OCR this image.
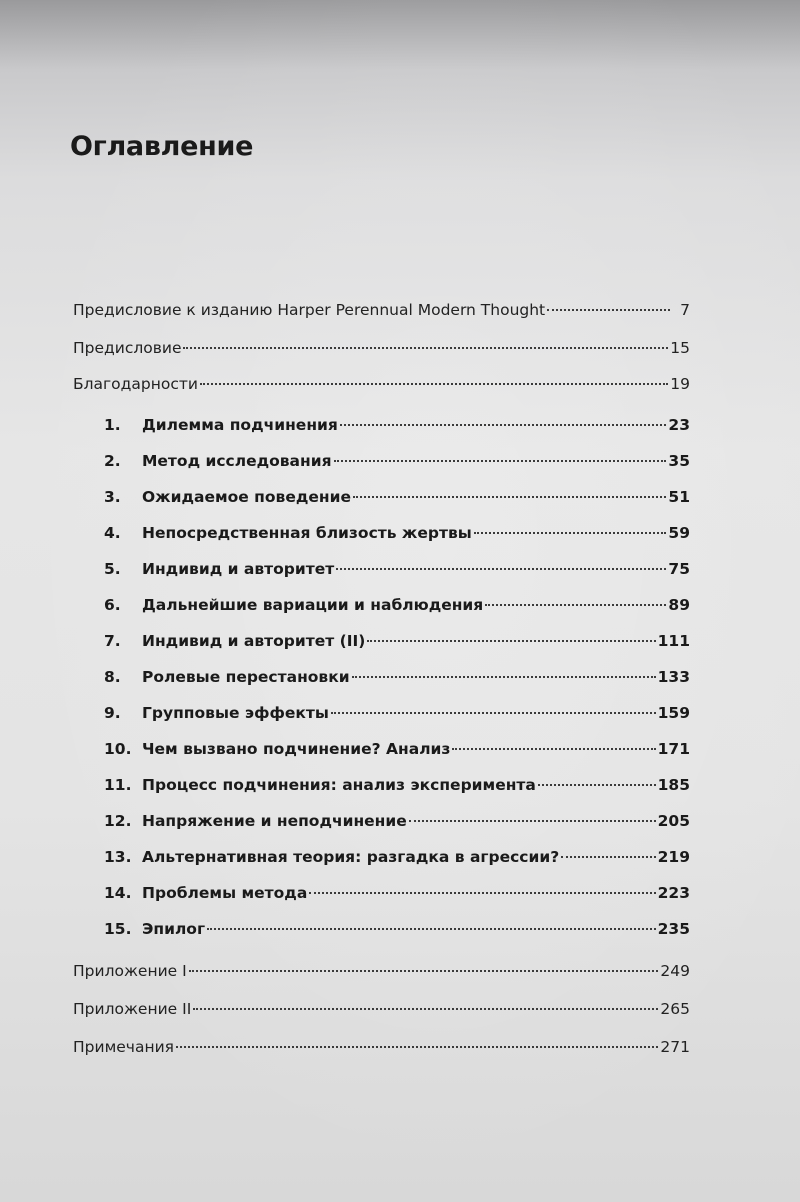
Оглавление
Предисловие к изданию Harper Perennual Modern Thought	7
Предисловие	15
Благодарности	19
1.	Дилемма подчинения	23
2.	Метод исследования	35
3.	Ожидаемое поведение	51
4.	Непосредственная близость жертвы	59
5.	Индивид и авторитет	75
6.	Дальнейшие вариации и наблюдения	89
7.	Индивид и авторитет (II)	111
8.	Ролевые перестановки	133
9.	Групповые эффекты	159
10. Чем вызвано подчинение? Анализ	171
11. Процесс подчинения: анализ эксперимента	185
12. Напряжение и неподчинение	205
13. Альтернативная теория: разгадка в агрессии?	219
14. Проблемы метода	223
15. Эпилог	235
Приложение I	249
Приложение II	265
Примечания	271
